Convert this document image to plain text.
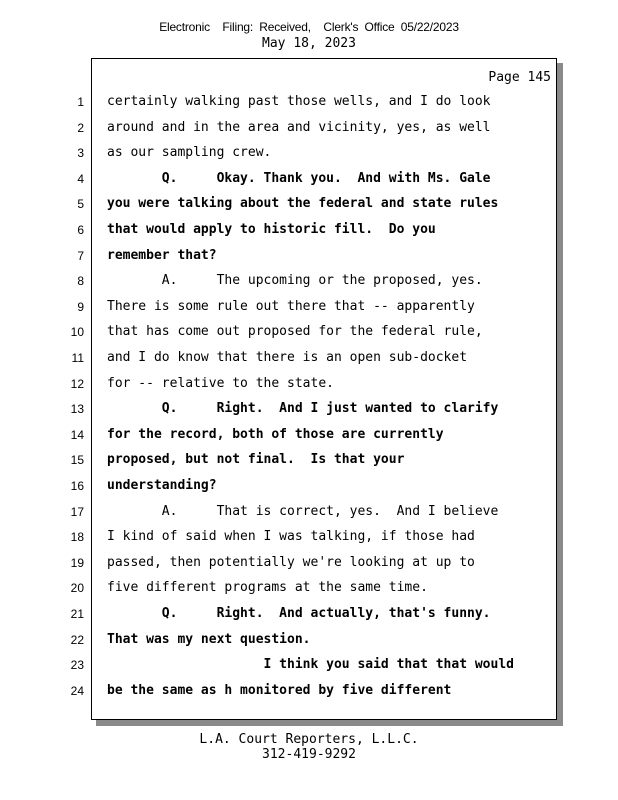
Electronic    Filing:  Received,    Clerk's  Office  05/22/2023
May 18, 2023
Page 145
1 certainly walking past those wells, and I do look
2 around and in the area and vicinity, yes, as well
3 as our sampling crew.
4 Q.     Okay. Thank you.  And with Ms. Gale
5 you were talking about the federal and state rules
6 that would apply to historic fill.  Do you
7 remember that?
8 A.     The upcoming or the proposed, yes.
9 There is some rule out there that -- apparently
10 that has come out proposed for the federal rule,
11 and I do know that there is an open sub-docket
12 for -- relative to the state.
13 Q.     Right.  And I just wanted to clarify
14 for the record, both of those are currently
15 proposed, but not final.  Is that your
16 understanding?
17 A.     That is correct, yes.  And I believe
18 I kind of said when I was talking, if those had
19 passed, then potentially we're looking at up to
20 five different programs at the same time.
21 Q.     Right.  And actually, that's funny.
22 That was my next question.
23 I think you said that that would
24 be the same as h monitored by five different
L.A. Court Reporters, L.L.C.
312-419-9292
